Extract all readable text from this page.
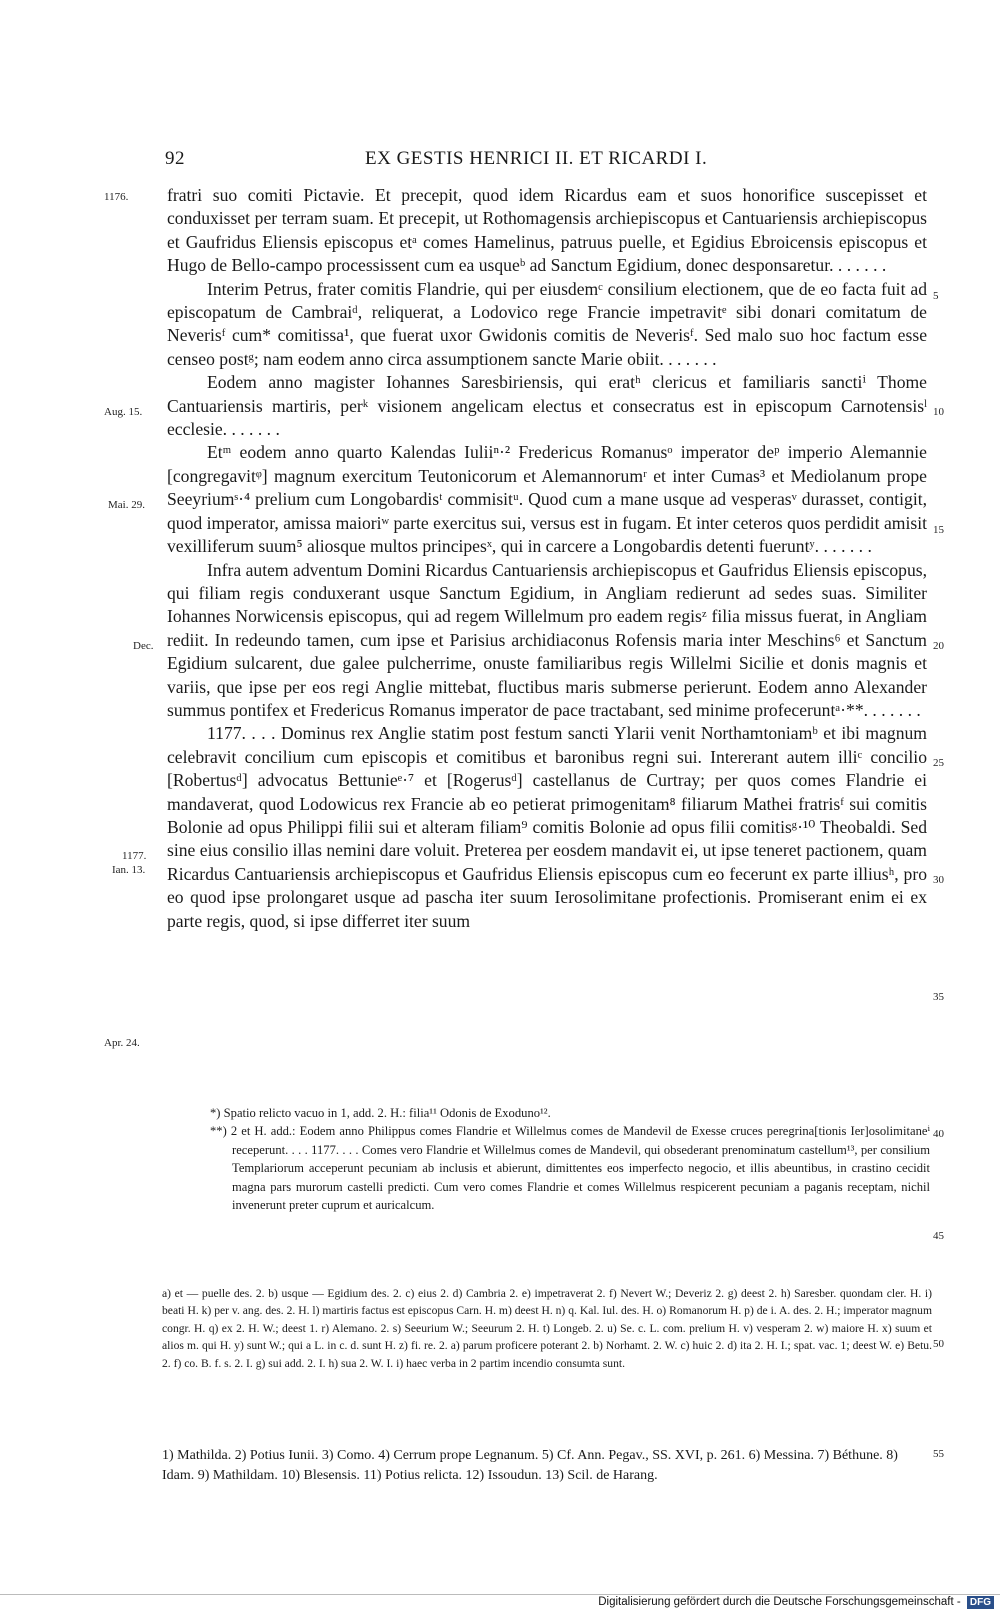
92	EX GESTIS HENRICI II. ET RICARDI I.
1176.
Aug. 15.
Mai. 29.
Dec.
1177.
Ian. 13.
Apr. 24.
5
10
15
20
25
30
35
40
45
50
55

fratri suo comiti Pictavie. Et precepit, quod idem Ricardus eam et suos honorifice suscepisset et conduxisset per terram suam. Et precepit, ut Rothomagensis archiepiscopus et Cantuariensis archiepiscopus et Gaufridus Eliensis episcopus etᵃ comes Hamelinus, patruus puelle, et Egidius Ebroicensis episcopus et Hugo de Bello-campo processissent cum ea usqueᵇ ad Sanctum Egidium, donec desponsaretur. . . . . . .

Interim Petrus, frater comitis Flandrie, qui per eiusdemᶜ consilium electionem, que de eo facta fuit ad episcopatum de Cambraiᵈ, reliquerat, a Lodovico rege Francie impetravitᵉ sibi donari comitatum de Neverisᶠ cum* comitissa¹, que fuerat uxor Gwidonis comitis de Neverisᶠ. Sed malo suo hoc factum esse censeo postᵍ; nam eodem anno circa assumptionem sancte Marie obiit. . . . . . .

Eodem anno magister Iohannes Saresbiriensis, qui eratʰ clericus et familiaris sanctiⁱ Thome Cantuariensis martiris, perᵏ visionem angelicam electus et consecratus est in episcopum Carnotensisˡ ecclesie. . . . . . .

Etᵐ eodem anno quarto Kalendas Iuliiⁿ·² Fredericus Romanusᵒ imperator deᵖ imperio Alemannie [congregavitᵠ] magnum exercitum Teutonicorum et Alemannorumʳ et inter Cumas³ et Mediolanum prope Seeyriumˢ·⁴ prelium cum Longobardisᵗ commisitᵘ. Quod cum a mane usque ad vesperasᵛ durasset, contigit, quod imperator, amissa maioriʷ parte exercitus sui, versus est in fugam. Et inter ceteros quos perdidit amisit vexilliferum suum⁵ aliosque multos principesˣ, qui in carcere a Longobardis detenti fueruntʸ. . . . . . .

Infra autem adventum Domini Ricardus Cantuariensis archiepiscopus et Gaufridus Eliensis episcopus, qui filiam regis conduxerant usque Sanctum Egidium, in Angliam redierunt ad sedes suas. Similiter Iohannes Norwicensis episcopus, qui ad regem Willelmum pro eadem regisᶻ filia missus fuerat, in Angliam rediit. In redeundo tamen, cum ipse et Parisius archidiaconus Rofensis maria inter Meschins⁶ et Sanctum Egidium sulcarent, due galee pulcherrime, onuste familiaribus regis Willelmi Sicilie et donis magnis et variis, que ipse per eos regi Anglie mittebat, fluctibus maris submerse perierunt. Eodem anno Alexander summus pontifex et Fredericus Romanus imperator de pace tractabant, sed minime profeceruntᵃ·**. . . . . . .

1177. . . . Dominus rex Anglie statim post festum sancti Ylarii venit Northamtoniamᵇ et ibi magnum celebravit concilium cum episcopis et comitibus et baronibus regni sui. Intererant autem illiᶜ concilio [Robertusᵈ] advocatus Bettunieᵉ·⁷ et [Rogerusᵈ] castellanus de Curtray; per quos comes Flandrie ei mandaverat, quod Lodowicus rex Francie ab eo petierat primogenitam⁸ filiarum Mathei fratrisᶠ sui comitis Bolonie ad opus Philippi filii sui et alteram filiam⁹ comitis Bolonie ad opus filii comitisᵍ·¹⁰ Theobaldi. Sed sine eius consilio illas nemini dare voluit. Preterea per eosdem mandavit ei, ut ipse teneret pactionem, quam Ricardus Cantuariensis archiepiscopus et Gaufridus Eliensis episcopus cum eo fecerunt ex parte illiusʰ, pro eo quod ipse prolongaret usque ad pascha iter suum Ierosolimitane profectionis. Promiserant enim ei ex parte regis, quod, si ipse differret iter suum

*) Spatio relicto vacuo in 1, add. 2. H.: filia¹¹ Odonis de Exoduno¹².

**) 2 et H. add.: Eodem anno Philippus comes Flandrie et Willelmus comes de Mandevil de Exesse cruces peregrina[tionis Ier]osolimitaneⁱ receperunt. . . . 1177. . . . Comes vero Flandrie et Willelmus comes de Mandevil, qui obsederant prenominatum castellum¹³, per consilium Templariorum acceperunt pecuniam ab inclusis et abierunt, dimittentes eos imperfecto negocio, et illis abeuntibus, in crastino cecidit magna pars murorum castelli predicti. Cum vero comes Flandrie et comes Willelmus respicerent pecuniam a paganis receptam, nichil invenerunt preter cuprum et auricalcum.

a) et — puelle des. 2. b) usque — Egidium des. 2. c) eius 2. d) Cambria 2. e) impetraverat 2. f) Nevert W.; Deveriz 2. g) deest 2. h) Saresber. quondam cler. H. i) beati H. k) per v. ang. des. 2. H. l) martiris factus est episcopus Carn. H. m) deest H. n) q. Kal. Iul. des. H. o) Romanorum H. p) de i. A. des. 2. H.; imperator magnum congr. H. q) ex 2. H. W.; deest 1. r) Alemano. 2. s) Seeurium W.; Seeurum 2. H. t) Longeb. 2. u) Se. c. L. com. prelium H. v) vesperam 2. w) maiore H. x) suum et alios m. qui H. y) sunt W.; qui a L. in c. d. sunt H. z) fi. re. 2. a) parum proficere poterant 2. b) Norhamt. 2. W. c) huic 2. d) ita 2. H. I.; spat. vac. 1; deest W. e) Betu. 2. f) co. B. f. s. 2. I. g) sui add. 2. I. h) sua 2. W. I. i) haec verba in 2 partim incendio consumta sunt.
1) Mathilda. 2) Potius Iunii. 3) Como. 4) Cerrum prope Legnanum. 5) Cf. Ann. Pegav., SS. XVI, p. 261. 6) Messina. 7) Béthune. 8) Idam. 9) Mathildam. 10) Blesensis. 11) Potius relicta. 12) Issoudun. 13) Scil. de Harang.
Digitalisierung gefördert durch die Deutsche Forschungsgemeinschaft - DFG
